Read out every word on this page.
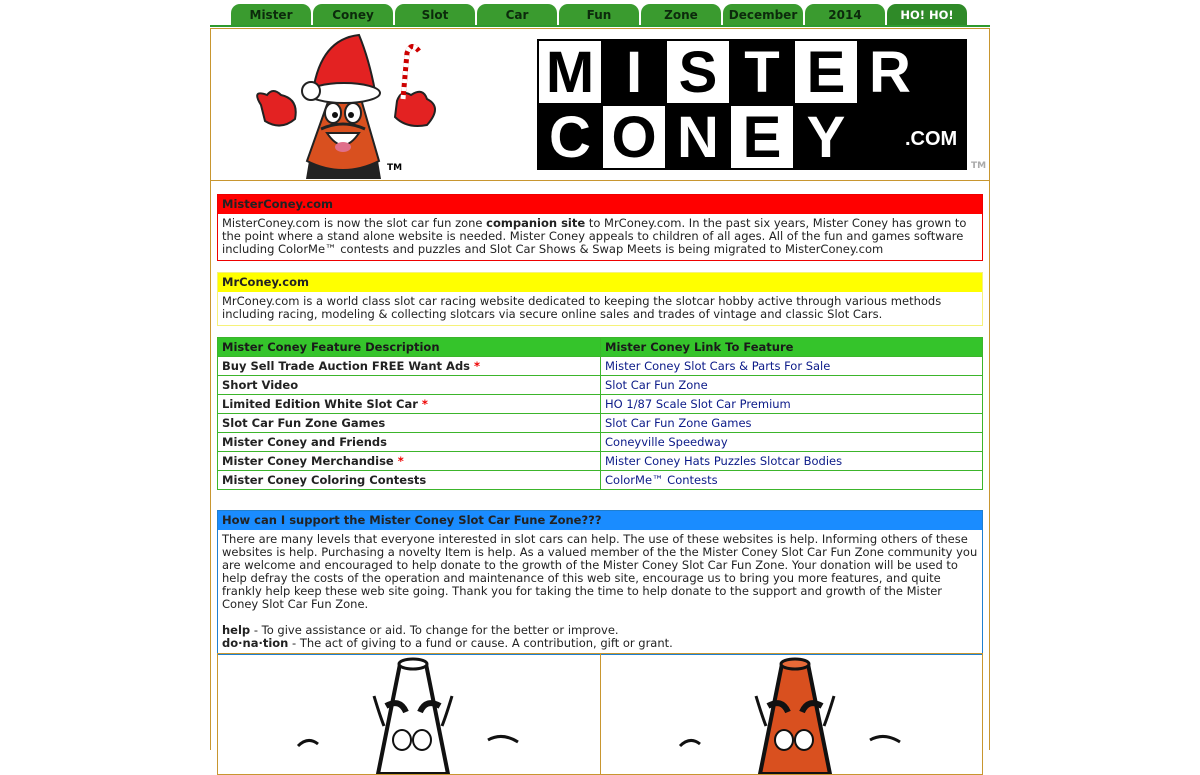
Mister	Coney	Slot	Car	Fun	Zone	December	2014	HO! HO!
TM
M I S T E R
C O N E Y	.COM
TM
MisterConey.com
MisterConey.com is now the slot car fun zone companion site to MrConey.com. In the past six years, Mister Coney has grown to the point where a stand alone website is needed. Mister Coney appeals to children of all ages. All of the fun and games software including ColorMe™ contests and puzzles and Slot Car Shows & Swap Meets is being migrated to MisterConey.com
MrConey.com
MrConey.com is a world class slot car racing website dedicated to keeping the slotcar hobby active through various methods including racing, modeling & collecting slotcars via secure online sales and trades of vintage and classic Slot Cars.
Mister Coney Feature Description	Mister Coney Link To Feature
Buy Sell Trade Auction FREE Want Ads *	Mister Coney Slot Cars & Parts For Sale
Short Video	Slot Car Fun Zone
Limited Edition White Slot Car *	HO 1/87 Scale Slot Car Premium
Slot Car Fun Zone Games	Slot Car Fun Zone Games
Mister Coney and Friends	Coneyville Speedway
Mister Coney Merchandise *	Mister Coney Hats Puzzles Slotcar Bodies
Mister Coney Coloring Contests	ColorMe™ Contests
How can I support the Mister Coney Slot Car Fune Zone???

There are many levels that everyone interested in slot cars can help. The use of these websites is help. Informing others of these websites is help. Purchasing a novelty Item is help. As a valued member of the the Mister Coney Slot Car Fun Zone community you are welcome and encouraged to help donate to the growth of the Mister Coney Slot Car Fun Zone. Your donation will be used to help defray the costs of the operation and maintenance of this web site, encourage us to bring you more features, and quite frankly help keep these web site going. Thank you for taking the time to help donate to the support and growth of the Mister Coney Slot Car Fun Zone.

help - To give assistance or aid. To change for the better or improve.

do·na·tion - The act of giving to a fund or cause. A contribution, gift or grant.
